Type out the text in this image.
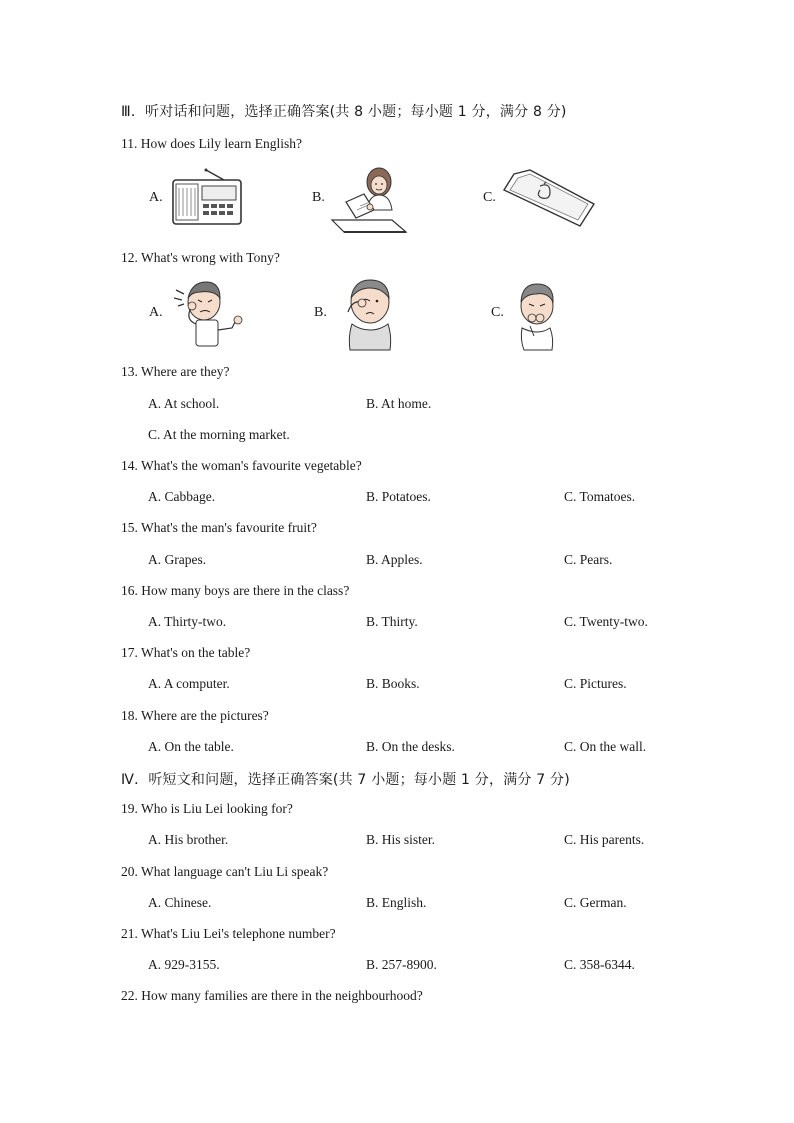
Ⅲ．听对话和问题，选择正确答案(共 8 小题；每小题 1 分，满分 8 分)
11. How does Lily learn English?
A.	B.	C.
12. What's wrong with Tony?
A.	B.	C.
13. Where are they?
A. At school.	B. At home.
C. At the morning market.
14. What's the woman's favourite vegetable?
A. Cabbage.	B. Potatoes.	C. Tomatoes.
15. What's the man's favourite fruit?
A. Grapes.	B. Apples.	C. Pears.
16. How many boys are there in the class?
A. Thirty-two.	B. Thirty.	C. Twenty-two.
17. What's on the table?
A. A computer.	B. Books.	C. Pictures.
18. Where are the pictures?
A. On the table.	B. On the desks.	C. On the wall.
Ⅳ．听短文和问题，选择正确答案(共 7 小题；每小题 1 分，满分 7 分)
19. Who is Liu Lei looking for?
A. His brother.	B. His sister.	C. His parents.
20. What language can't Liu Li speak?
A. Chinese.	B. English.	C. German.
21. What's Liu Lei's telephone number?
A. 929-3155.	B. 257-8900.	C. 358-6344.
22. How many families are there in the neighbourhood?
